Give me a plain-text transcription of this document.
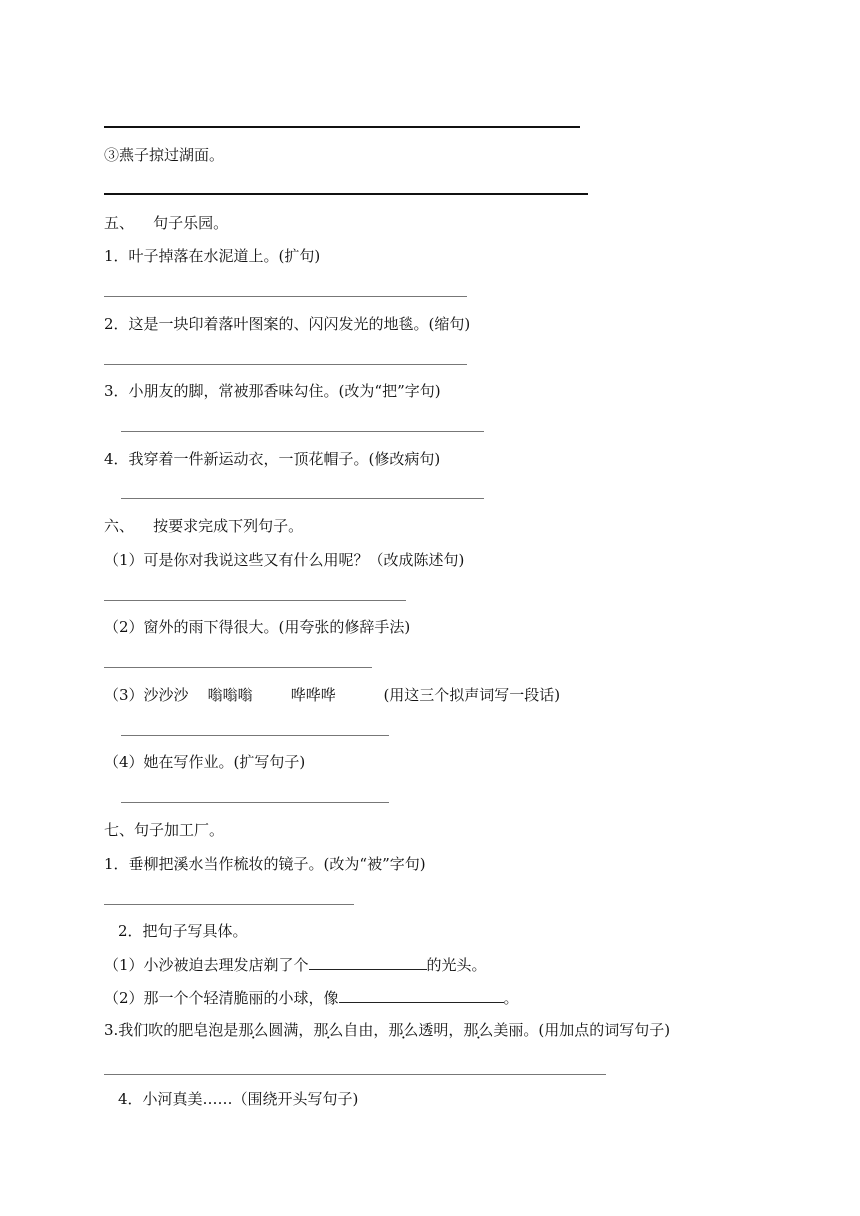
③燕子掠过湖面。
五、    句子乐园。
1．叶子掉落在水泥道上。(扩句)
2．这是一块印着落叶图案的、闪闪发光的地毯。(缩句)
3．小朋友的脚，常被那香味勾住。(改为“把”字句)
4．我穿着一件新运动衣，一顶花帽子。(修改病句)
六、    按要求完成下列句子。
（1）可是你对我说这些又有什么用呢？（改成陈述句)
（2）窗外的雨下得很大。(用夸张的修辞手法)
（3）沙沙沙    嗡嗡嗡        哗哗哗          (用这三个拟声词写一段话)
（4）她在写作业。(扩写句子)
七、句子加工厂。
1．垂柳把溪水当作梳妆的镜子。(改为“被”字句)
2．把句子写具体。
（1）小沙被迫去理发店剃了个	的光头。
（2）那一个个轻清脆丽的小球，像	。
3.我们吹的肥皂泡是那么圆满，那么自由，那么透明，那么美丽。(用加点的词写句子)
4．小河真美……（围绕开头写句子)
